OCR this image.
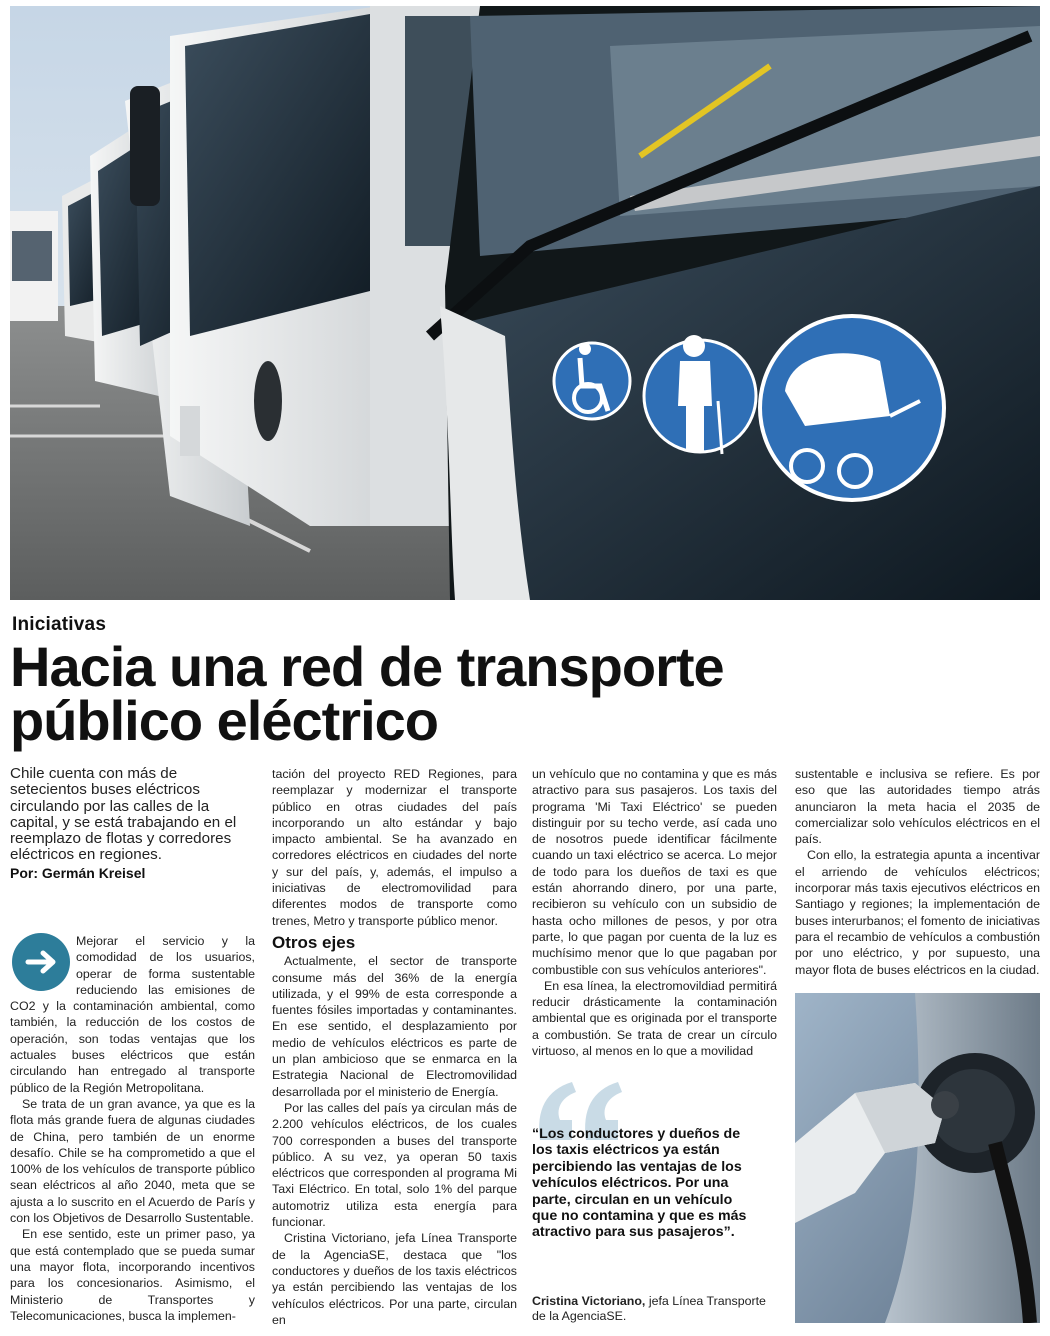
Iniciativas
Hacia una red de transporte
público eléctrico
Chile cuenta con más de setecientos buses eléctricos circulando por las calles de la capital, y se está trabajando en el reemplazo de flotas y corredores eléctricos en regiones.
Por: Germán Kreisel

Mejorar el servicio y la comodidad de los usuarios, operar de forma sustentable reduciendo las emisiones de CO2 y la contaminación ambiental, como también, la reducción de los costos de operación, son todas ventajas que los actuales buses eléctricos que están circulando han entregado al transporte público de la Región Metropolitana.

Se trata de un gran avance, ya que es la flota más grande fuera de algunas ciudades de China, pero también de un enorme desafío. Chile se ha comprometido a que el 100% de los vehículos de transporte público sean eléctricos al año 2040, meta que se ajusta a lo suscrito en el Acuerdo de París y con los Objetivos de Desarrollo Sustentable.

En ese sentido, este un primer paso, ya que está contemplado que se pueda sumar una mayor flota, incorporando incentivos para los concesionarios. Asimismo, el Ministerio de Transportes y Telecomunicaciones, busca la implemen-

tación del proyecto RED Regiones, para reemplazar y modernizar el transporte público en otras ciudades del país incorporando un alto estándar y bajo impacto ambiental. Se ha avanzado en corredores eléctricos en ciudades del norte y sur del país, y, además, el impulso a iniciativas de electromovilidad para diferentes modos de transporte como trenes, Metro y transporte público menor.

Otros ejes

Actualmente, el sector de transporte consume más del 36% de la energía utilizada, y el 99% de esta corresponde a fuentes fósiles importadas y contaminantes. En ese sentido, el desplazamiento por medio de vehículos eléctricos es parte de un plan ambicioso que se enmarca en la Estrategia Nacional de Electromovilidad desarrollada por el ministerio de Energía.

Por las calles del país ya circulan más de 2.200 vehículos eléctricos, de los cuales 700 corresponden a buses del transporte público. A su vez, ya operan 50 taxis eléctricos que corresponden al programa Mi Taxi Eléctrico. En total, solo 1% del parque automotriz utiliza esta energía para funcionar.

Cristina Victoriano, jefa Línea Transporte de la AgenciaSE, destaca que "los conductores y dueños de los taxis eléctricos ya están percibiendo las ventajas de los vehículos eléctricos. Por una parte, circulan en

un vehículo que no contamina y que es más atractivo para sus pasajeros. Los taxis del programa 'Mi Taxi Eléctrico' se pueden distinguir por su techo verde, así cada uno de nosotros puede identificar fácilmente cuando un taxi eléctrico se acerca. Lo mejor de todo para los dueños de taxi es que están ahorrando dinero, por una parte, recibieron su vehículo con un subsidio de hasta ocho millones de pesos, y por otra parte, lo que pagan por cuenta de la luz es muchísimo menor que lo que pagaban por combustible con sus vehículos anteriores".

En esa línea, la electromovildiad permitirá reducir drásticamente la contaminación ambiental que es originada por el transporte a combustión. Se trata de crear un círculo virtuoso, al menos en lo que a movilidad

“Los conductores y dueños de los taxis eléctricos ya están percibiendo las ventajas de los vehículos eléctricos. Por una parte, circulan en un vehículo que no contamina y que es más atractivo para sus pasajeros”.
Cristina Victoriano, jefa Línea Transporte de la AgenciaSE.

sustentable e inclusiva se refiere. Es por eso que las autoridades tiempo atrás anunciaron la meta hacia el 2035 de comercializar solo vehículos eléctricos en el país.

Con ello, la estrategia apunta a incentivar el arriendo de vehículos eléctricos; incorporar más taxis ejecutivos eléctricos en Santiago y regiones; la implementación de buses interurbanos; el fomento de iniciativas para el recambio de vehículos a combustión por uno eléctrico, y por supuesto, una mayor flota de buses eléctricos en la ciudad.
